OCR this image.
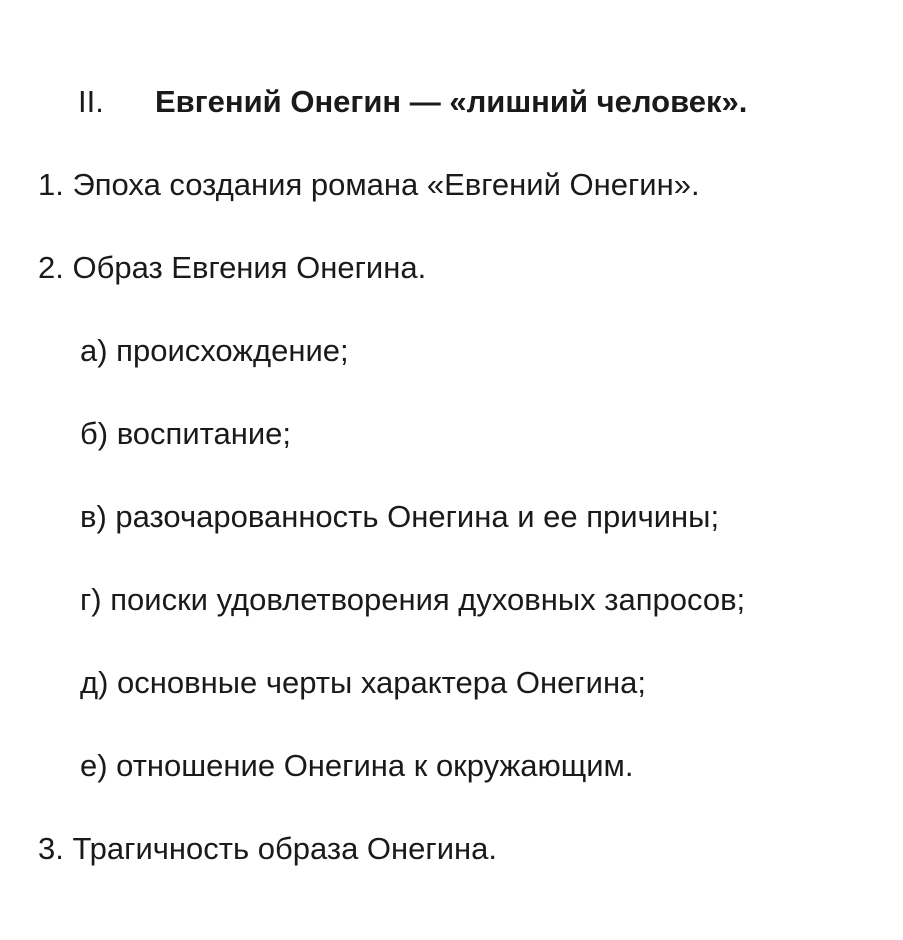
II. Евгений Онегин — «лишний человек».
1. Эпоха создания романа «Евгений Онегин».
2. Образ Евгения Онегина.
а) происхождение;
б) воспитание;
в) разочарованность Онегина и ее причины;
г) поиски удовлетворения духовных запросов;
д) основные черты характера Онегина;
е) отношение Онегина к окружающим.
3. Трагичность образа Онегина.
